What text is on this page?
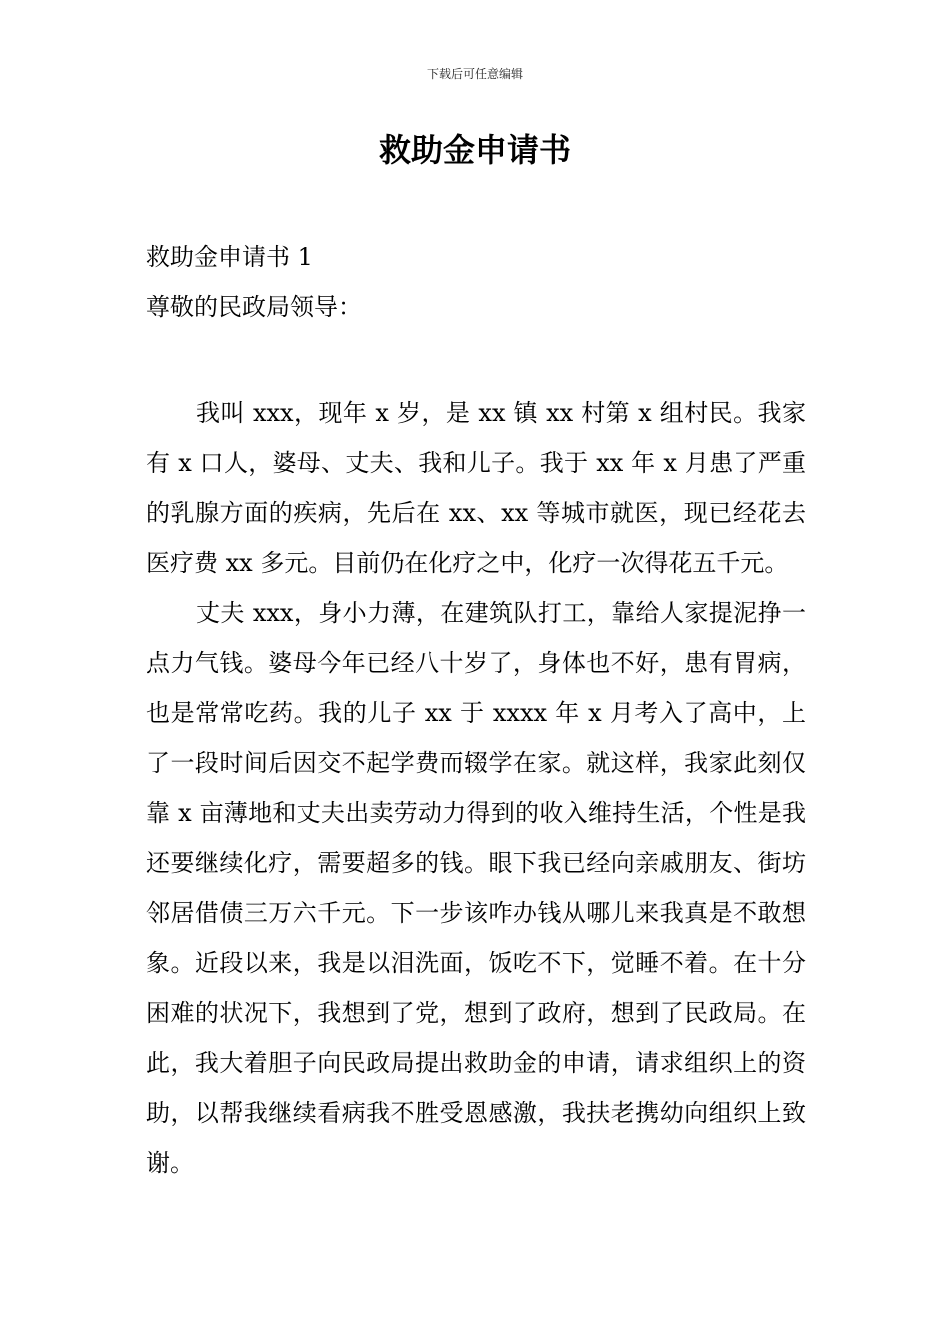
下载后可任意编辑
救助金申请书

救助金申请书 1

尊敬的民政局领导：

我叫 xxx，现年 x 岁，是 xx 镇 xx 村第 x 组村民。我家有 x 口人，婆母、丈夫、我和儿子。我于 xx 年 x 月患了严重的乳腺方面的疾病，先后在 xx、xx 等城市就医，现已经花去医疗费 xx 多元。目前仍在化疗之中，化疗一次得花五千元。

丈夫 xxx，身小力薄，在建筑队打工，靠给人家提泥挣一点力气钱。婆母今年已经八十岁了，身体也不好，患有胃病，也是常常吃药。我的儿子 xx 于 xxxx 年 x 月考入了高中，上了一段时间后因交不起学费而辍学在家。就这样，我家此刻仅靠 x 亩薄地和丈夫出卖劳动力得到的收入维持生活，个性是我还要继续化疗，需要超多的钱。眼下我已经向亲戚朋友、街坊邻居借债三万六千元。下一步该咋办钱从哪儿来我真是不敢想象。近段以来，我是以泪洗面，饭吃不下，觉睡不着。在十分困难的状况下，我想到了党，想到了政府，想到了民政局。在此，我大着胆子向民政局提出救助金的申请，请求组织上的资助，以帮我继续看病我不胜受恩感激，我扶老携幼向组织上致谢。
